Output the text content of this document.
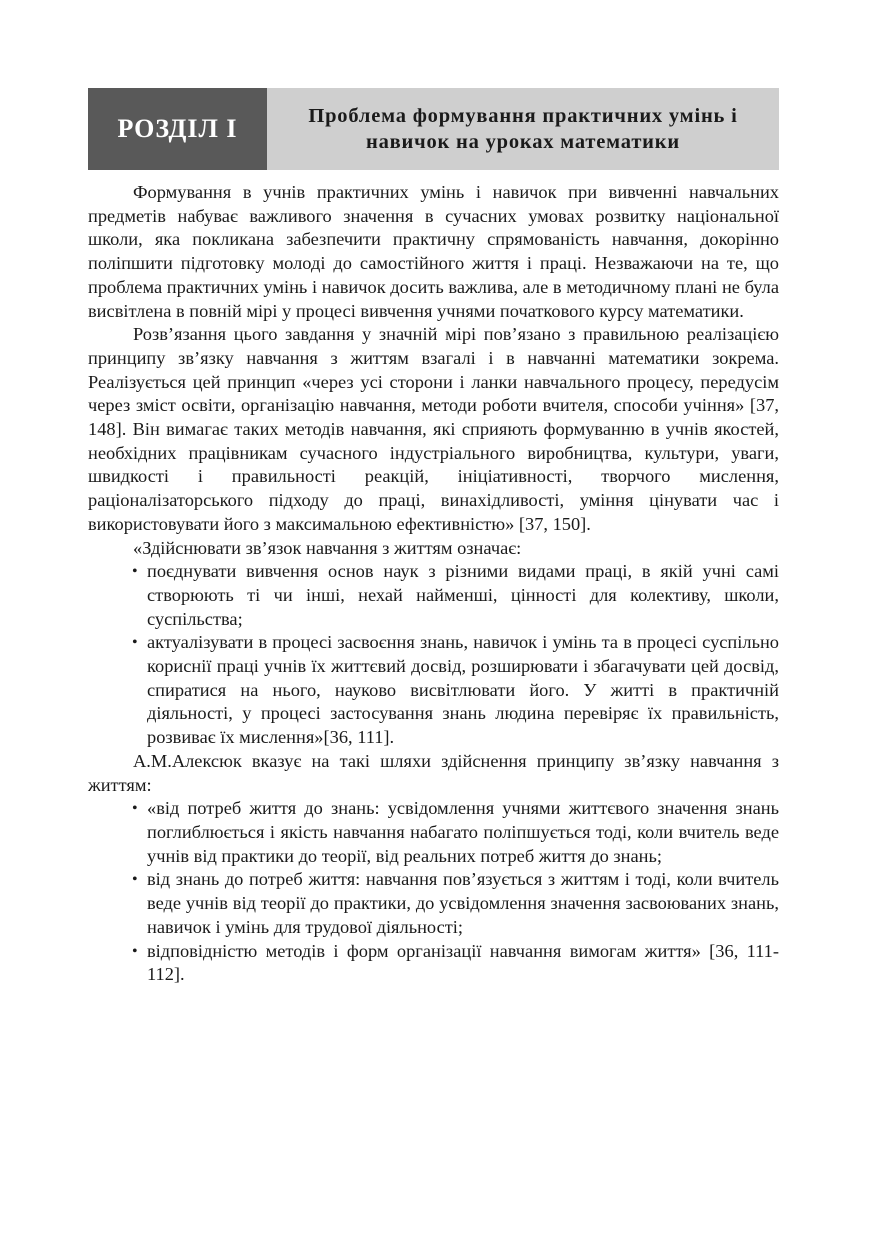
РОЗДІЛ І	Проблема формування практичних умінь і навичок на уроках математики

Формування в учнів практичних умінь і навичок при вивченні навчальних предметів набуває важливого значення в сучасних умовах розвитку національної школи, яка покликана забезпечити практичну спрямованість навчання, докорінно поліпшити підготовку молоді до самостійного життя і праці. Незважаючи на те, що проблема практичних умінь і навичок досить важлива, але в методичному плані не була висвітлена в повній мірі у процесі вивчення учнями початкового курсу математики.

Розв’язання цього завдання у значній мірі пов’язано з правильною реалізацією принципу зв’язку навчання з життям взагалі і в навчанні математики зокрема. Реалізується цей принцип «через усі сторони і ланки навчального процесу, передусім через зміст освіти, організацію навчання, методи роботи вчителя, способи учіння» [37, 148]. Він вимагає таких методів навчання, які сприяють формуванню в учнів якостей, необхідних працівникам сучасного індустріального виробництва, культури, уваги, швидкості і правильності реакцій, ініціативності, творчого мислення, раціоналізаторського підходу до праці, винахідливості, уміння цінувати час і використовувати його з максимальною ефективністю» [37, 150].

«Здійснювати зв’язок навчання з життям означає:

• поєднувати вивчення основ наук з різними видами праці, в якій учні самі створюють ті чи інші, нехай найменші, цінності для колективу, школи, суспільства;
• актуалізувати в процесі засвоєння знань, навичок і умінь та в процесі суспільно кориснії праці учнів їх життєвий досвід, розширювати і збагачувати цей досвід, спиратися на нього, науково висвітлювати його. У житті в практичній діяльності, у процесі застосування знань людина перевіряє їх правильність, розвиває їх мислення»[36, 111].

А.М.Алексюк вказує на такі шляхи здійснення принципу зв’язку навчання з життям:

• «від потреб життя до знань: усвідомлення учнями життєвого значення знань поглиблюється і якість навчання набагато поліпшується тоді, коли вчитель веде учнів від практики до теорії, від реальних потреб життя до знань;
• від знань до потреб життя: навчання пов’язується з життям і тоді, коли вчитель веде учнів від теорії до практики, до усвідомлення значення засвоюваних знань, навичок і умінь для трудової діяльності;
• відповідністю методів і форм організації навчання вимогам життя» [36, 111-112].
